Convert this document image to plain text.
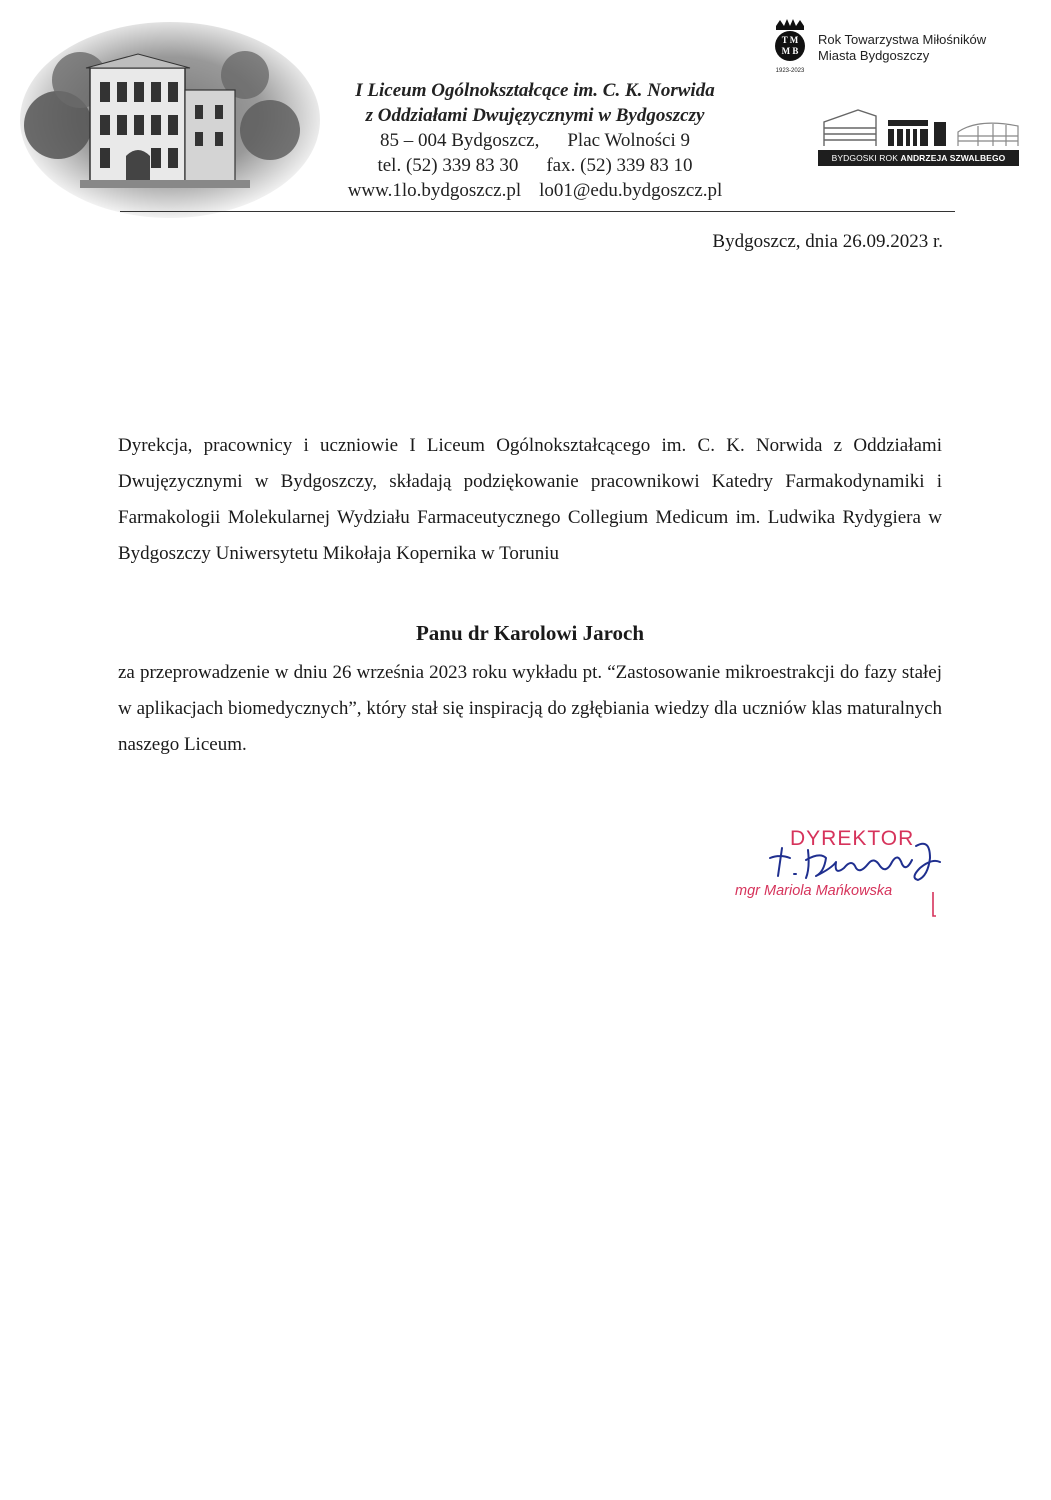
I Liceum Ogólnokształcące im. C. K. Norwida
z Oddziałami Dwujęzycznymi w Bydgoszczy
85 – 004 Bydgoszcz, Plac Wolności 9
tel. (52) 339 83 30 fax. (52) 339 83 10
www.1lo.bydgoszcz.pl lo01@edu.bydgoszcz.pl
T M
M B
1923-2023
Rok Towarzystwa Miłośników
Miasta Bydgoszczy
BYDGOSKI ROK ANDRZEJA SZWALBEGO
Bydgoszcz, dnia 26.09.2023 r.
Dyrekcja, pracownicy i uczniowie I Liceum Ogólnokształcącego im. C. K. Norwida z Oddziałami Dwujęzycznymi w Bydgoszczy, składają podziękowanie pracownikowi Katedry Farmakodynamiki i Farmakologii Molekularnej Wydziału Farmaceutycznego Collegium Medicum im. Ludwika Rydygiera w Bydgoszczy Uniwersytetu Mikołaja Kopernika w Toruniu
Panu dr Karolowi Jaroch
za przeprowadzenie w dniu 26 września 2023 roku wykładu pt. “Zastosowanie mikroestrakcji do fazy stałej w aplikacjach biomedycznych”, który stał się inspiracją do zgłębiania wiedzy dla uczniów klas maturalnych naszego Liceum.
DYREKTOR
mgr Mariola Mańkowska
